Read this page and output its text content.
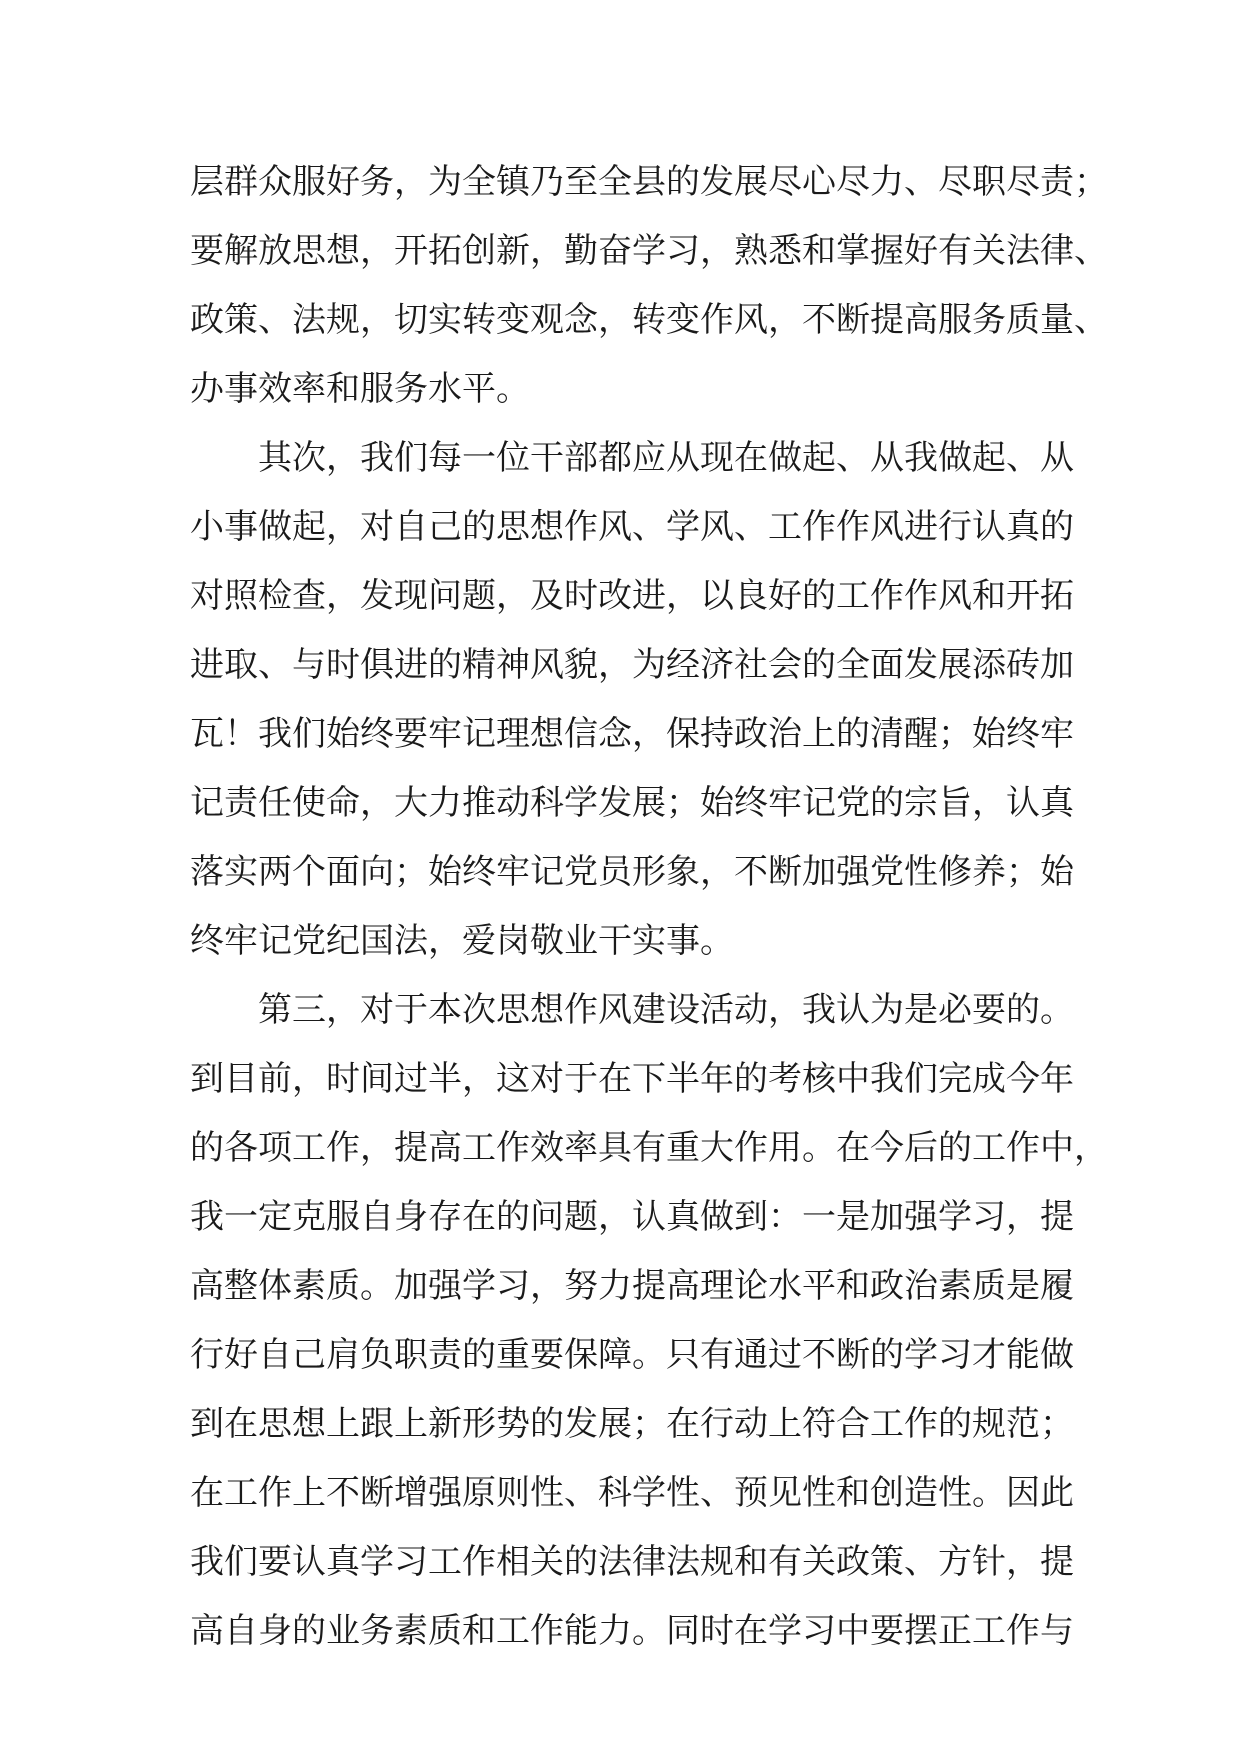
层群众服好务，为全镇乃至全县的发展尽心尽力、尽职尽责；
要解放思想，开拓创新，勤奋学习，熟悉和掌握好有关法律、
政策、法规，切实转变观念，转变作风，不断提高服务质量、
办事效率和服务水平。
其次，我们每一位干部都应从现在做起、从我做起、从
小事做起，对自己的思想作风、学风、工作作风进行认真的
对照检查，发现问题，及时改进，以良好的工作作风和开拓
进取、与时俱进的精神风貌，为经济社会的全面发展添砖加
瓦！我们始终要牢记理想信念，保持政治上的清醒；始终牢
记责任使命，大力推动科学发展；始终牢记党的宗旨，认真
落实两个面向；始终牢记党员形象，不断加强党性修养；始
终牢记党纪国法，爱岗敬业干实事。
第三，对于本次思想作风建设活动，我认为是必要的。
到目前，时间过半，这对于在下半年的考核中我们完成今年
的各项工作，提高工作效率具有重大作用。在今后的工作中，
我一定克服自身存在的问题，认真做到：一是加强学习，提
高整体素质。加强学习，努力提高理论水平和政治素质是履
行好自己肩负职责的重要保障。只有通过不断的学习才能做
到在思想上跟上新形势的发展；在行动上符合工作的规范；
在工作上不断增强原则性、科学性、预见性和创造性。因此
我们要认真学习工作相关的法律法规和有关政策、方针，提
高自身的业务素质和工作能力。同时在学习中要摆正工作与
